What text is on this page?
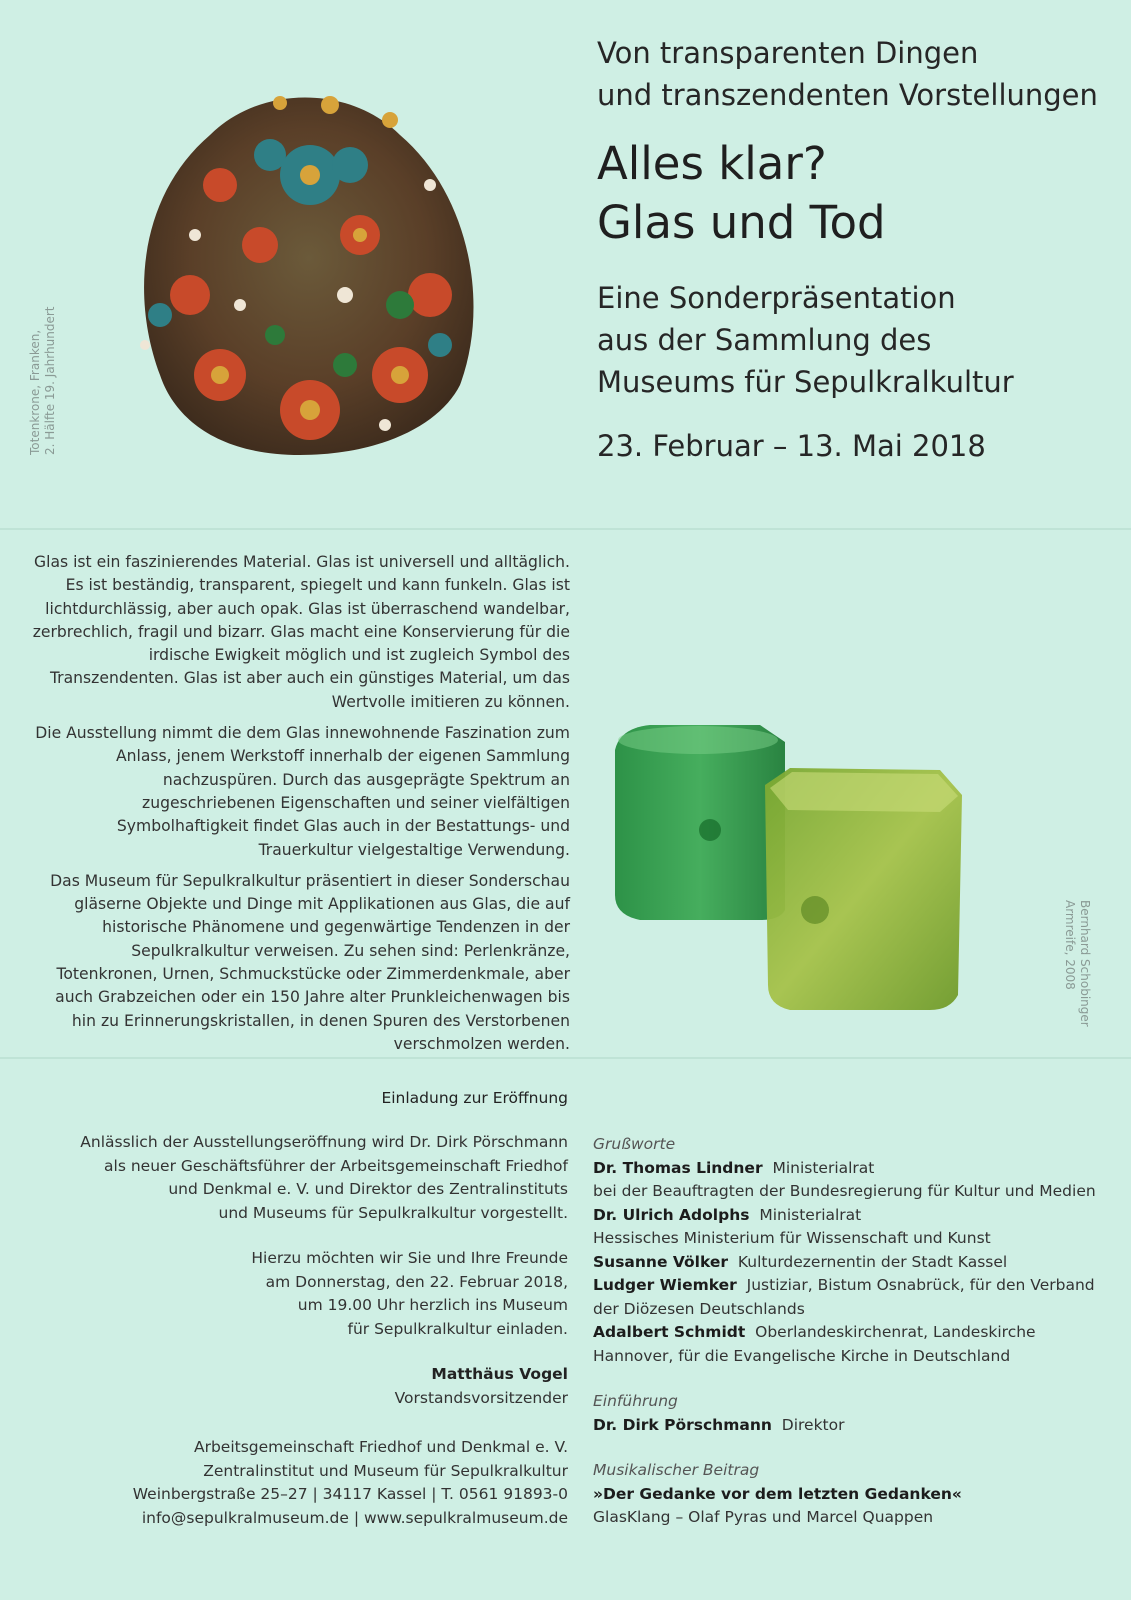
Totenkrone, Franken, 2. Hälfte 19. Jahrhundert
Von transparenten Dingen
und transzendenten Vorstellungen
Alles klar?
Glas und Tod
Eine Sonderpräsentation
aus der Sammlung des
Museums für Sepulkralkultur
23. Februar – 13. Mai 2018

Glas ist ein faszinierendes Material. Glas ist universell und alltäglich. Es ist beständig, transparent, spiegelt und kann funkeln. Glas ist lichtdurchlässig, aber auch opak. Glas ist überraschend wandelbar, zerbrechlich, fragil und bizarr. Glas macht eine Konservierung für die irdische Ewigkeit möglich und ist zugleich Symbol des Transzendenten. Glas ist aber auch ein günstiges Material, um das Wertvolle imitieren zu können.

Die Ausstellung nimmt die dem Glas innewohnende Faszination zum Anlass, jenem Werkstoff innerhalb der eigenen Sammlung nachzuspüren. Durch das ausgeprägte Spektrum an zugeschriebenen Eigenschaften und seiner vielfältigen Symbolhaftigkeit findet Glas auch in der Bestattungs- und Trauerkultur vielgestaltige Verwendung.

Das Museum für Sepulkralkultur präsentiert in dieser Sonderschau gläserne Objekte und Dinge mit Applikationen aus Glas, die auf historische Phänomene und gegenwärtige Tendenzen in der Sepulkralkultur verweisen. Zu sehen sind: Perlenkränze, Totenkronen, Urnen, Schmuckstücke oder Zimmerdenkmale, aber auch Grabzeichen oder ein 150 Jahre alter Prunkleichenwagen bis hin zu Erinnerungskristallen, in denen Spuren des Verstorbenen verschmolzen werden.

Bernhard Schobinger
Armreife, 2008
Einladung zur Eröffnung

Anlässlich der Ausstellungseröffnung wird Dr. Dirk Pörschmann
als neuer Geschäftsführer der Arbeitsgemeinschaft Friedhof
und Denkmal e. V. und Direktor des Zentralinstituts
und Museums für Sepulkralkultur vorgestellt.

Hierzu möchten wir Sie und Ihre Freunde
am Donnerstag, den 22. Februar 2018,
um 19.00 Uhr herzlich ins Museum
für Sepulkralkultur einladen.

Matthäus Vogel
Vorstandsvorsitzender

Arbeitsgemeinschaft Friedhof und Denkmal e. V.
Zentralinstitut und Museum für Sepulkralkultur
Weinbergstraße 25–27 | 34117 Kassel | T. 0561 91893-0
info@sepulkralmuseum.de | www.sepulkralmuseum.de
Grußworte
Dr. Thomas Lindner Ministerialrat
bei der Beauftragten der Bundesregierung für Kultur und Medien
Dr. Ulrich Adolphs Ministerialrat
Hessisches Ministerium für Wissenschaft und Kunst
Susanne Völker Kulturdezernentin der Stadt Kassel
Ludger Wiemker Justiziar, Bistum Osnabrück, für den Verband
der Diözesen Deutschlands
Adalbert Schmidt Oberlandeskirchenrat, Landeskirche
Hannover, für die Evangelische Kirche in Deutschland
Einführung
Dr. Dirk Pörschmann Direktor
Musikalischer Beitrag
»Der Gedanke vor dem letzten Gedanken«
GlasKlang – Olaf Pyras und Marcel Quappen
